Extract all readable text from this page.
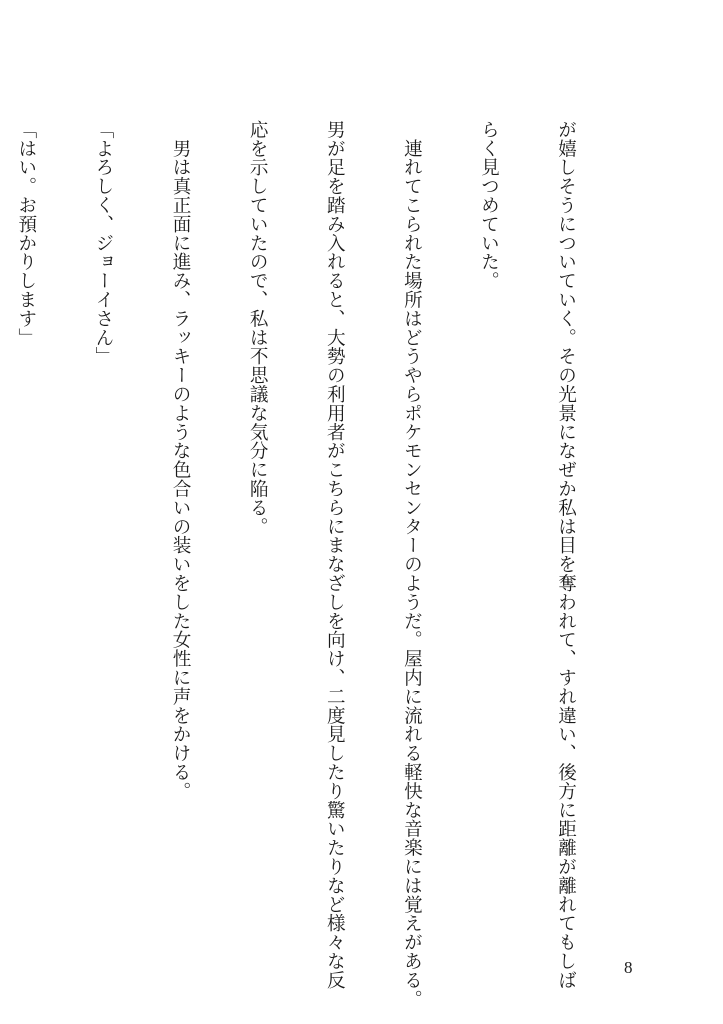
が嬉しそうについていく。その光景になぜか私は目を奪われて、すれ違い、後方に距離が離れてもしば

らく見つめていた。

　連れてこられた場所はどうやらポケモンセンターのようだ。屋内に流れる軽快な音楽には覚えがある。

男が足を踏み入れると、大勢の利用者がこちらにまなざしを向け、二度見したり驚いたりなど様々な反

応を示していたので、私は不思議な気分に陥る。

　男は真正面に進み、ラッキーのような色合いの装いをした女性に声をかける。

「よろしく、ジョーイさん」

「はい。お預かりします」

8
